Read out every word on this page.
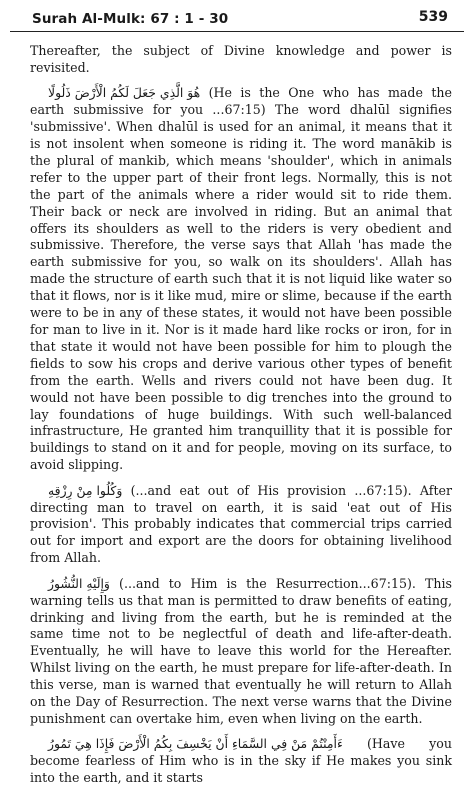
Surah Al-Mulk: 67 : 1 - 30	539

Thereafter, the subject of Divine knowledge and power is revisited.

هُوَ الَّذِي جَعَلَ لَكُمُ الْأَرْضَ ذَلُولًا (He is the One who has made the earth submissive for you ...67:15) The word dhalūl signifies 'submissive'. When dhalūl is used for an animal, it means that it is not insolent when someone is riding it. The word manākib is the plural of mankib, which means 'shoulder', which in animals refer to the upper part of their front legs. Normally, this is not the part of the animals where a rider would sit to ride them. Their back or neck are involved in riding. But an animal that offers its shoulders as well to the riders is very obedient and submissive. Therefore, the verse says that Allah 'has made the earth submissive for you, so walk on its shoulders'. Allah has made the structure of earth such that it is not liquid like water so that it flows, nor is it like mud, mire or slime, because if the earth were to be in any of these states, it would not have been possible for man to live in it. Nor is it made hard like rocks or iron, for in that state it would not have been possible for him to plough the fields to sow his crops and derive various other types of benefit from the earth. Wells and rivers could not have been dug. It would not have been possible to dig trenches into the ground to lay foundations of huge buildings. With such well-balanced infrastructure, He granted him tranquillity that it is possible for buildings to stand on it and for people, moving on its surface, to avoid slipping.

وَكُلُوا مِنْ رِزْقِهِ (...and eat out of His provision ...67:15). After directing man to travel on earth, it is said 'eat out of His provision'. This probably indicates that commercial trips carried out for import and export are the doors for obtaining livelihood from Allah.

وَإِلَيْهِ النُّشُورُ (...and to Him is the Resurrection...67:15). This warning tells us that man is permitted to draw benefits of eating, drinking and living from the earth, but he is reminded at the same time not to be neglectful of death and life-after-death. Eventually, he will have to leave this world for the Hereafter. Whilst living on the earth, he must prepare for life-after-death. In this verse, man is warned that eventually he will return to Allah on the Day of Resurrection. The next verse warns that the Divine punishment can overtake him, even when living on the earth.

ءَأَمِنْتُمْ مَنْ فِي السَّمَاءِ أَنْ يَخْسِفَ بِكُمُ الْأَرْضَ فَإِذَا هِيَ تَمُورُ (Have you become fearless of Him who is in the sky if He makes you sink into the earth, and it starts
